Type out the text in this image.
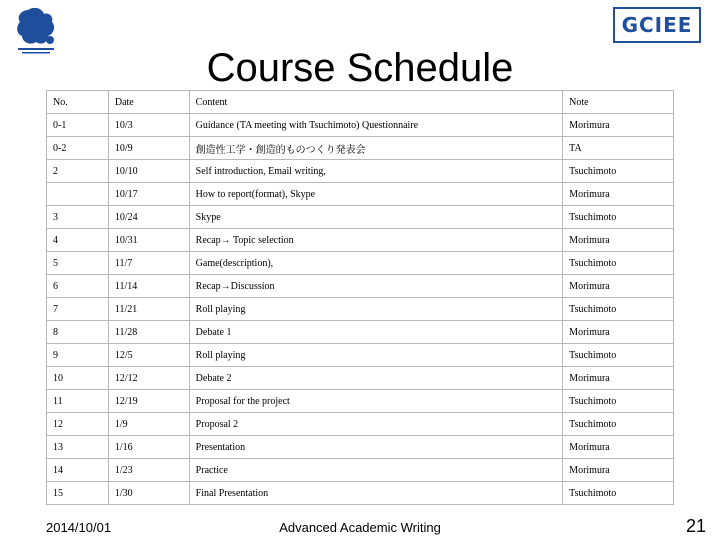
GCIEE
Course Schedule
No.	Date	Content	Note
0-1	10/3	Guidance (TA meeting with Tsuchimoto) Questionnaire	Morimura
0-2	10/9	創造性工学・創造的ものつくり発表会	TA
2	10/10	Self introduction, Email writing,	Tsuchimoto
	10/17	How to report(format), Skype	Morimura
3	10/24	Skype	Tsuchimoto
4	10/31	Recap→ Topic selection	Morimura
5	11/7	Game(description),	Tsuchimoto
6	11/14	Recap→Discussion	Morimura
7	11/21	Roll playing	Tsuchimoto
8	11/28	Debate 1	Morimura
9	12/5	Roll playing	Tsuchimoto
10	12/12	Debate 2	Morimura
11	12/19	Proposal for the project	Tsuchimoto
12	1/9	Proposal 2	Tsuchimoto
13	1/16	Presentation	Morimura
14	1/23	Practice	Morimura
15	1/30	Final Presentation	Tsuchimoto
2014/10/01	Advanced Academic Writing	21
